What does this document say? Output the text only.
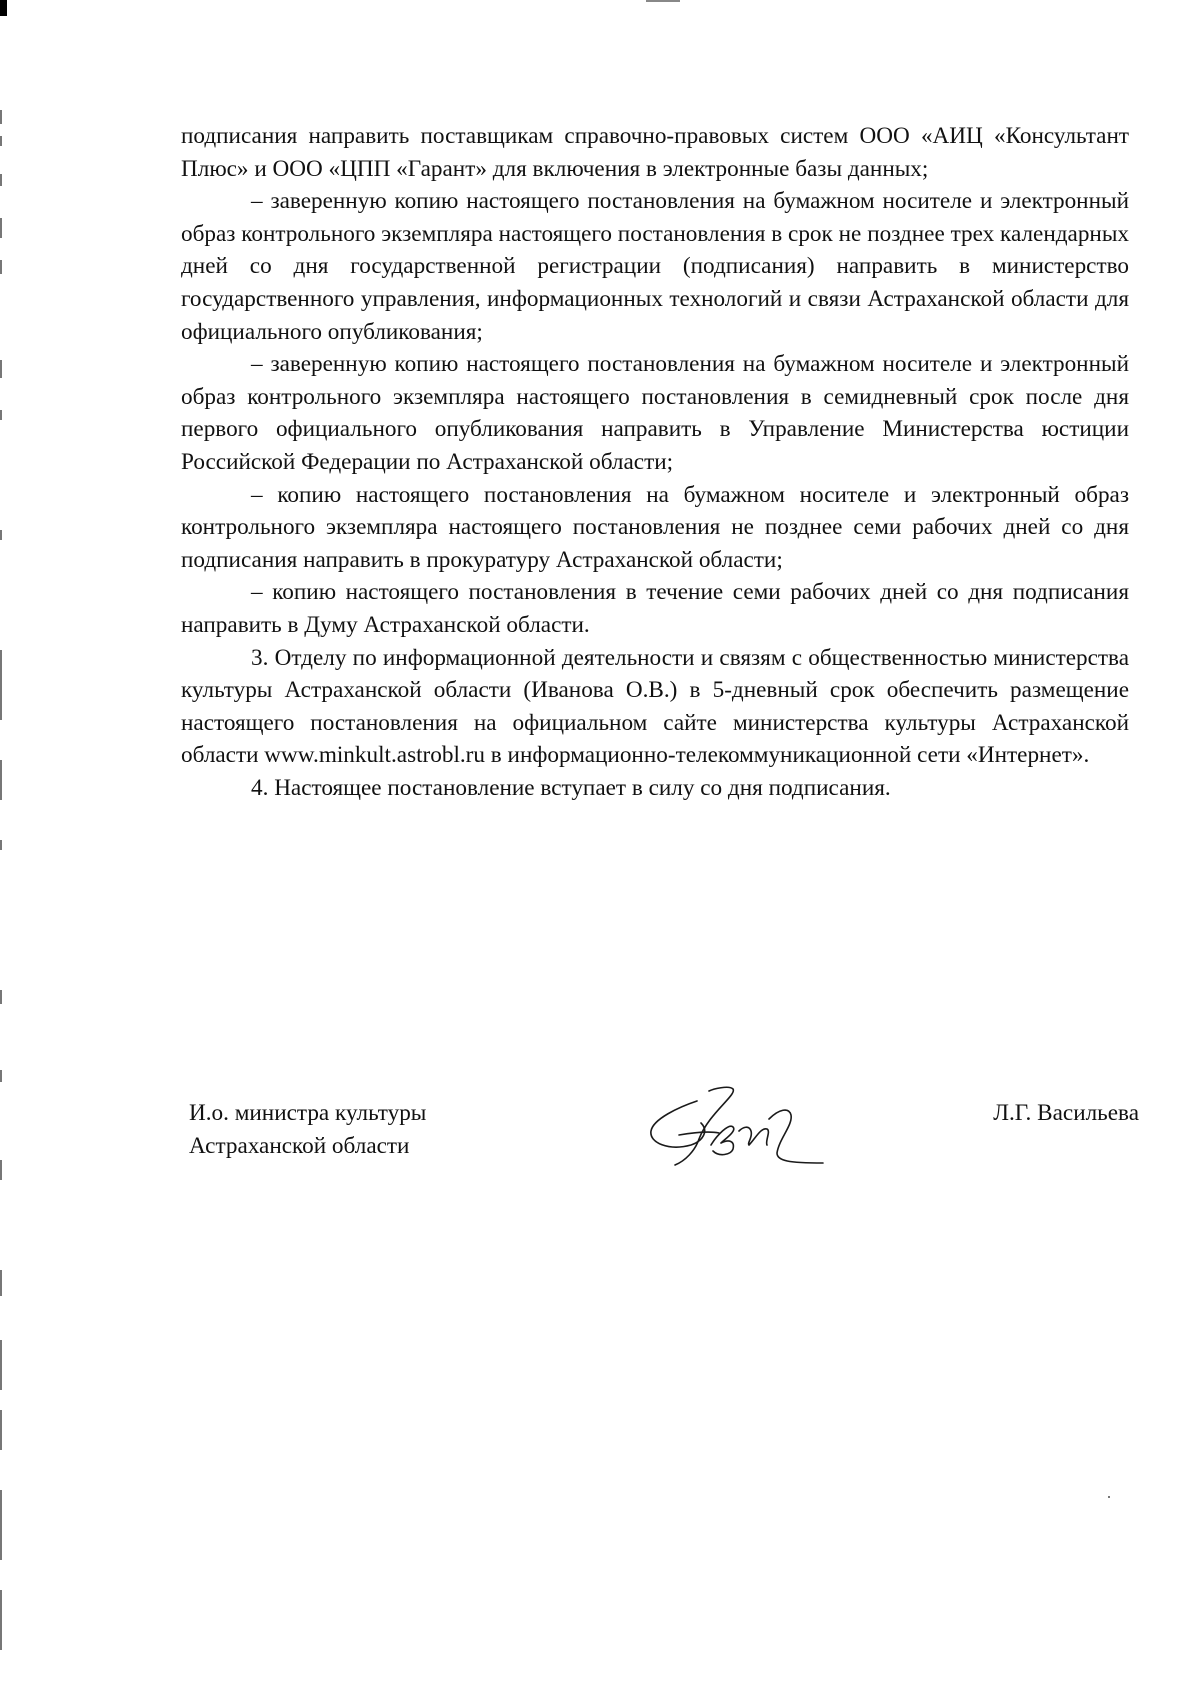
подписания направить поставщикам справочно-правовых систем ООО «АИЦ «Консультант Плюс» и ООО «ЦПП «Гарант» для включения в электронные базы данных;

– заверенную копию настоящего постановления на бумажном носителе и электронный образ контрольного экземпляра настоящего постановления в срок не позднее трех календарных дней со дня государственной регистрации (подписания) направить в министерство государственного управления, информационных технологий и связи Астраханской области для официального опубликования;

– заверенную копию настоящего постановления на бумажном носителе и электронный образ контрольного экземпляра настоящего постановления в семидневный срок после дня первого официального опубликования направить в Управление Министерства юстиции Российской Федерации по Астраханской области;

– копию настоящего постановления на бумажном носителе и электронный образ контрольного экземпляра настоящего постановления не позднее семи рабочих дней со дня подписания направить в прокуратуру Астраханской области;

– копию настоящего постановления в течение семи рабочих дней со дня подписания направить в Думу Астраханской области.

3. Отделу по информационной деятельности и связям с общественностью министерства культуры Астраханской области (Иванова О.В.) в 5-дневный срок обеспечить размещение настоящего постановления на официальном сайте министерства культуры Астраханской области www.minkult.astrobl.ru в информационно-телекоммуникационной сети «Интернет».

4. Настоящее постановление вступает в силу со дня подписания.

И.о. министра культуры
Астраханской области
Л.Г. Васильева
